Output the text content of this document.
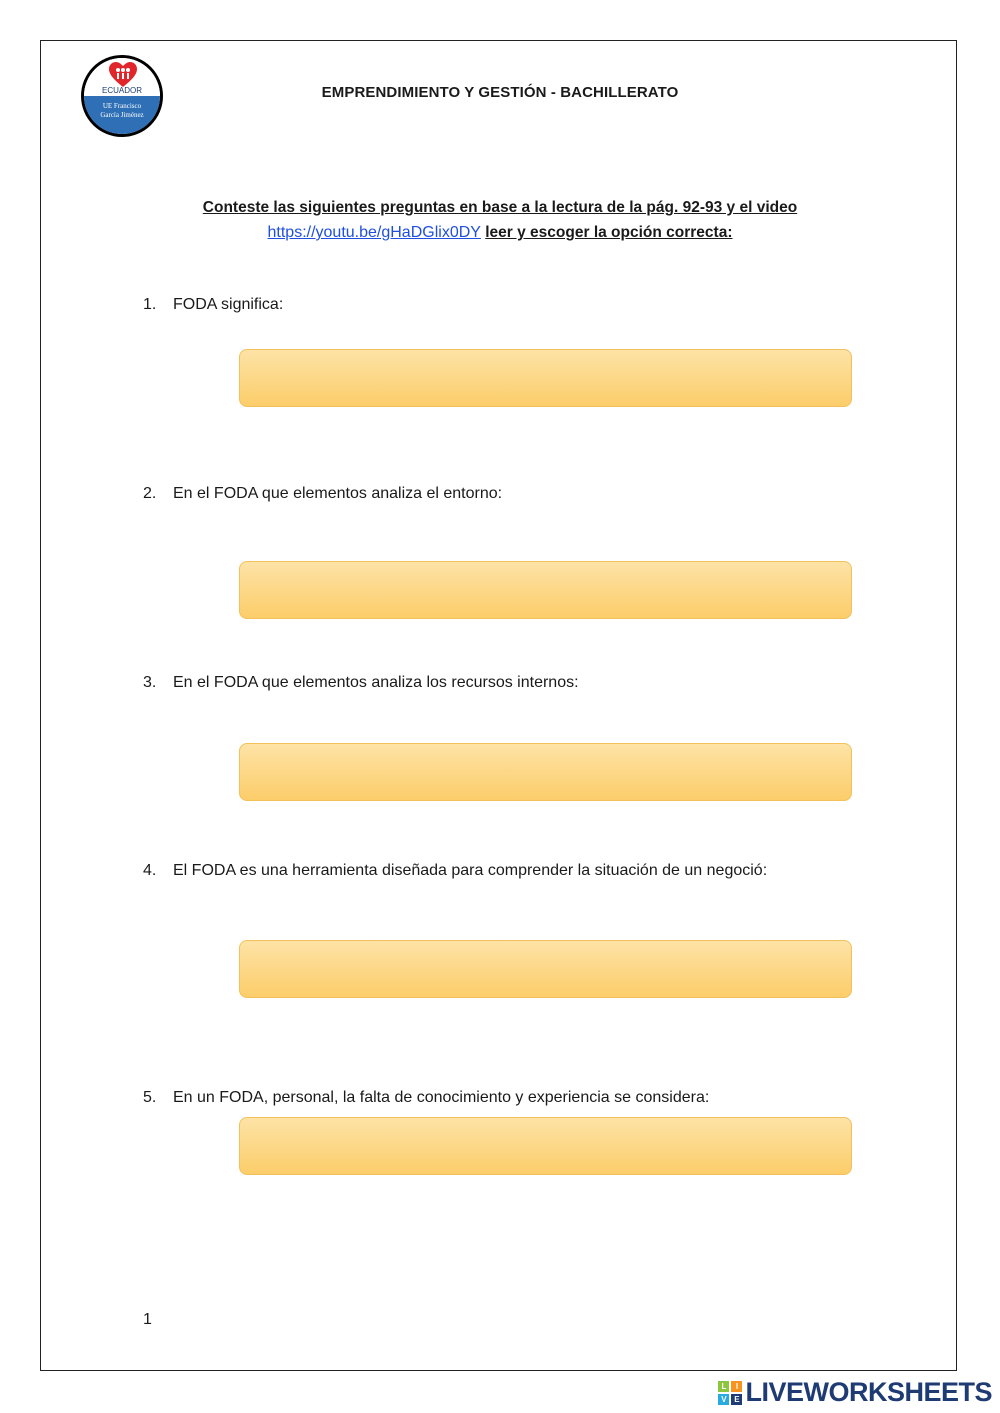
ECUADOR
UE Francisco
García Jiménez
EMPRENDIMIENTO Y GESTIÓN - BACHILLERATO
Conteste las siguientes preguntas en base a la lectura de la pág. 92-93 y el video
https://youtu.be/gHaDGlix0DY leer y escoger la opción correcta:
1.	FODA significa:
2.	En el FODA que elementos analiza el entorno:
3.	En el FODA que elementos analiza los recursos internos:
4.	El FODA es una herramienta diseñada para comprender la situación de un negoció:
5.	En un FODA, personal, la falta de conocimiento y experiencia se considera:
1
L	I
V E LIVEWORKSHEETS
